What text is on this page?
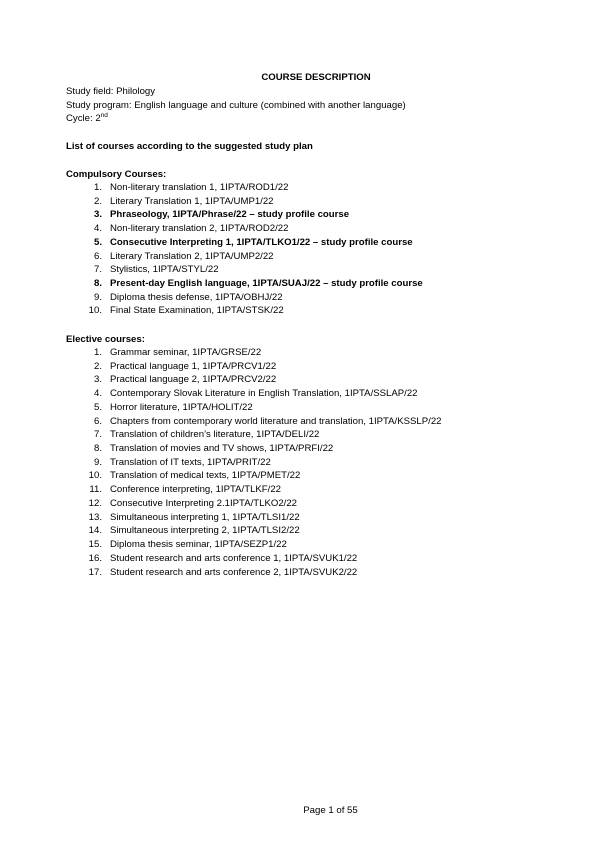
COURSE DESCRIPTION
Study field: Philology
Study program: English language and culture (combined with another language)
Cycle: 2nd
List of courses according to the suggested study plan
Compulsory Courses:
1. Non-literary translation 1, 1IPTA/ROD1/22
2. Literary Translation 1, 1IPTA/UMP1/22
3. Phraseology, 1IPTA/Phrase/22 – study profile course
4. Non-literary translation 2, 1IPTA/ROD2/22
5. Consecutive Interpreting 1, 1IPTA/TLKO1/22 – study profile course
6. Literary Translation 2, 1IPTA/UMP2/22
7. Stylistics, 1IPTA/STYL/22
8. Present-day English language, 1IPTA/SUAJ/22 – study profile course
9. Diploma thesis defense, 1IPTA/OBHJ/22
10. Final State Examination, 1IPTA/STSK/22
Elective courses:
1. Grammar seminar, 1IPTA/GRSE/22
2. Practical language 1, 1IPTA/PRCV1/22
3. Practical language 2, 1IPTA/PRCV2/22
4. Contemporary Slovak Literature in English Translation, 1IPTA/SSLAP/22
5. Horror literature, 1IPTA/HOLIT/22
6. Chapters from contemporary world literature and translation, 1IPTA/KSSLP/22
7. Translation of children’s literature, 1IPTA/DELI/22
8. Translation of movies and TV shows, 1IPTA/PRFI/22
9. Translation of IT texts, 1IPTA/PRIT/22
10. Translation of medical texts, 1IPTA/PMET/22
11. Conference interpreting, 1IPTA/TLKF/22
12. Consecutive Interpreting 2.1IPTA/TLKO2/22
13. Simultaneous interpreting 1, 1IPTA/TLSI1/22
14. Simultaneous interpreting 2, 1IPTA/TLSI2/22
15. Diploma thesis seminar, 1IPTA/SEZP1/22
16. Student research and arts conference 1, 1IPTA/SVUK1/22
17. Student research and arts conference 2, 1IPTA/SVUK2/22
Page 1 of 55
